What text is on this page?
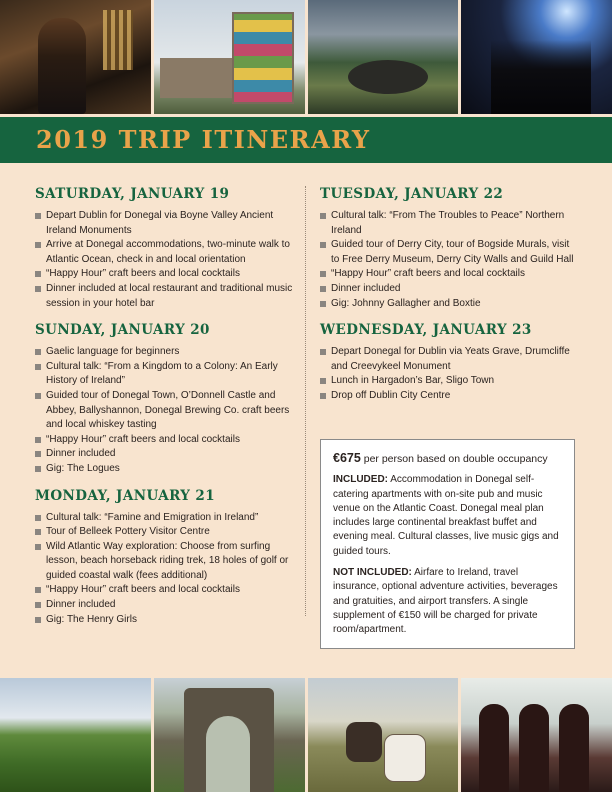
2019 TRIP ITINERARY
SATURDAY, JANUARY 19
Depart Dublin for Donegal via Boyne Valley Ancient Ireland Monuments
Arrive at Donegal accommodations, two-minute walk to Atlantic Ocean, check in and local orientation
“Happy Hour” craft beers and local cocktails
Dinner included at local restaurant and traditional music session in your hotel bar
SUNDAY, JANUARY 20
Gaelic language for beginners
Cultural talk: “From a Kingdom to a Colony: An Early History of Ireland”
Guided tour of Donegal Town, O’Donnell Castle and Abbey, Ballyshannon, Donegal Brewing Co. craft beers and local whiskey tasting
“Happy Hour” craft beers and local cocktails
Dinner included
Gig: The Logues
MONDAY, JANUARY 21
Cultural talk: “Famine and Emigration in Ireland”
Tour of Belleek Pottery Visitor Centre
Wild Atlantic Way exploration: Choose from surfing lesson, beach horseback riding trek, 18 holes of golf or guided coastal walk (fees additional)
“Happy Hour” craft beers and local cocktails
Dinner included
Gig: The Henry Girls
TUESDAY, JANUARY 22
Cultural talk: “From The Troubles to Peace” Northern Ireland
Guided tour of Derry City, tour of Bogside Murals, visit to Free Derry Museum, Derry City Walls and Guild Hall
“Happy Hour” craft beers and local cocktails
Dinner included
Gig: Johnny Gallagher and Boxtie
WEDNESDAY, JANUARY 23
Depart Donegal for Dublin via Yeats Grave, Drumcliffe and Creevykeel Monument
Lunch in Hargadon’s Bar, Sligo Town
Drop off Dublin City Centre

€675 per person based on double occupancy

INCLUDED: Accommodation in Donegal self-catering apartments with on-site pub and music venue on the Atlantic Coast. Donegal meal plan includes large continental breakfast buffet and evening meal. Cultural classes, live music gigs and guided tours.

NOT INCLUDED: Airfare to Ireland, travel insurance, optional adventure activities, beverages and gratuities, and airport transfers. A single supplement of €150 will be charged for private room/apartment.
